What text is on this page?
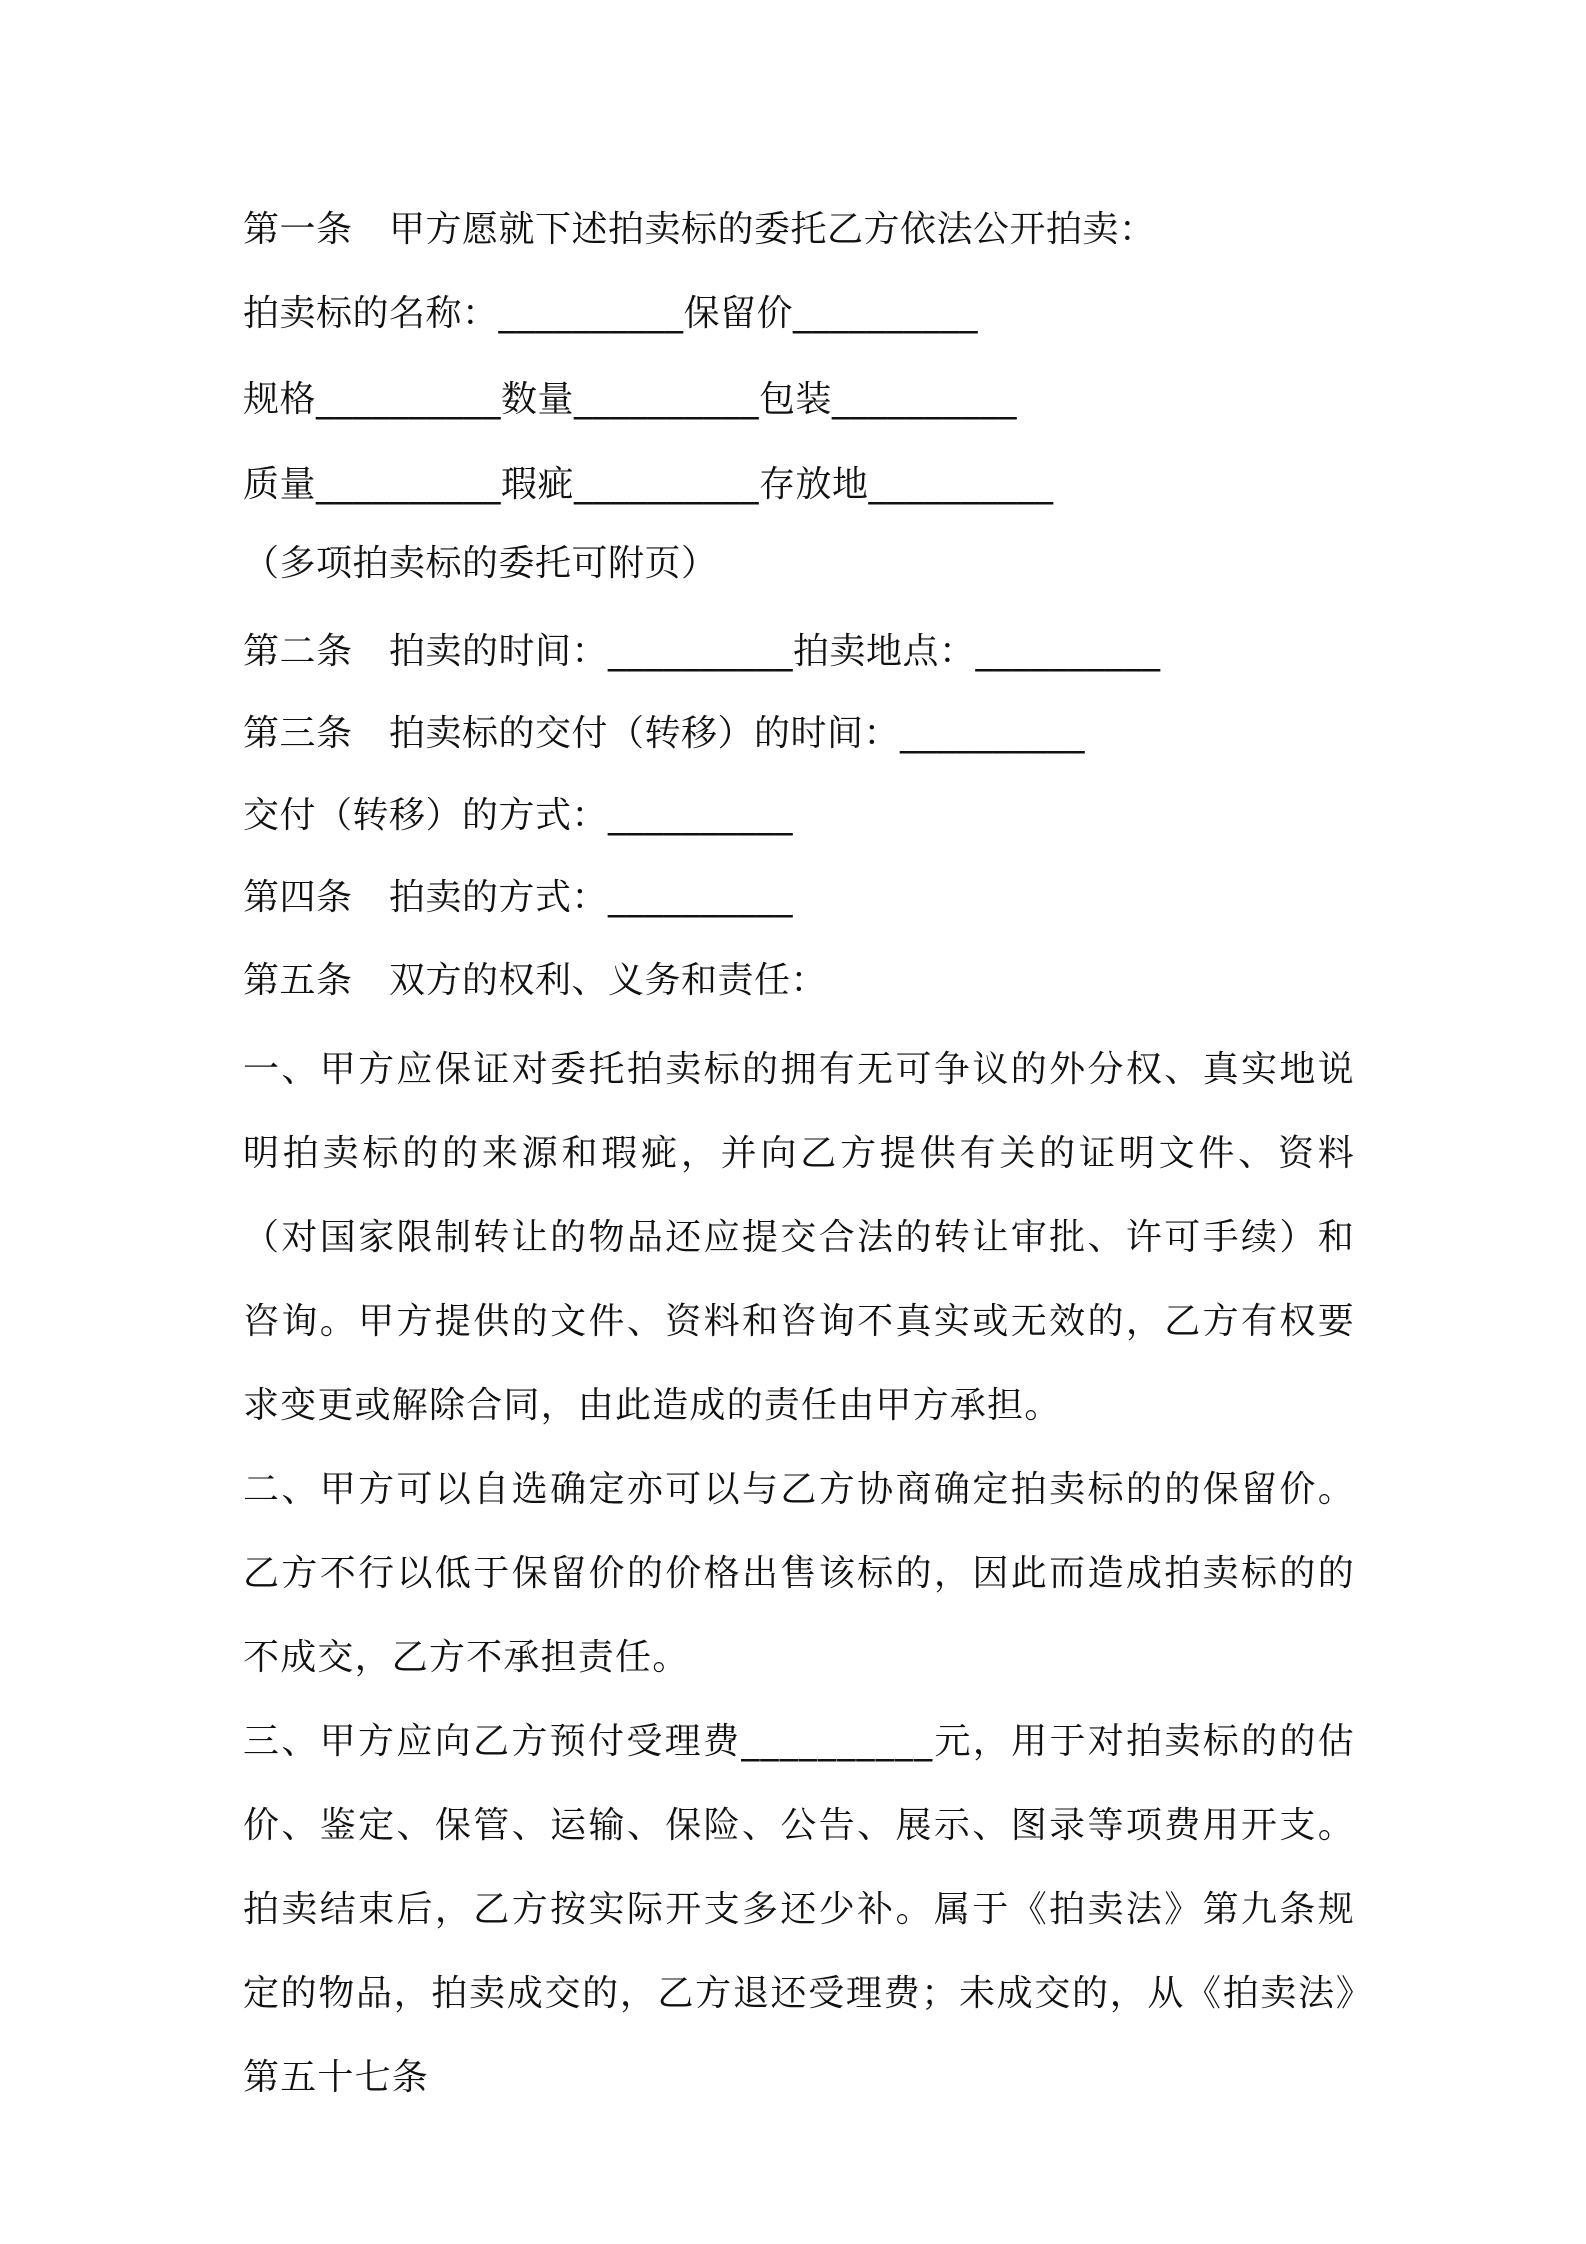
第一条　甲方愿就下述拍卖标的委托乙方依法公开拍卖：
拍卖标的名称：__________保留价__________
规格__________数量__________包装__________
质量__________瑕疵__________存放地__________
（多项拍卖标的委托可附页）
第二条　拍卖的时间：__________拍卖地点：__________
第三条　拍卖标的交付（转移）的时间：__________
交付（转移）的方式：__________
第四条　拍卖的方式：__________
第五条　双方的权利、义务和责任：

一、甲方应保证对委托拍卖标的拥有无可争议的外分权、真实地说明拍卖标的的来源和瑕疵，并向乙方提供有关的证明文件、资料（对国家限制转让的物品还应提交合法的转让审批、许可手续）和咨询。甲方提供的文件、资料和咨询不真实或无效的，乙方有权要求变更或解除合同，由此造成的责任由甲方承担。

二、甲方可以自选确定亦可以与乙方协商确定拍卖标的的保留价。乙方不行以低于保留价的价格出售该标的，因此而造成拍卖标的的不成交，乙方不承担责任。

三、甲方应向乙方预付受理费__________元，用于对拍卖标的的估价、鉴定、保管、运输、保险、公告、展示、图录等项费用开支。拍卖结束后，乙方按实际开支多还少补。属于《拍卖法》第九条规定的物品，拍卖成交的，乙方退还受理费；未成交的，从《拍卖法》第五十七条
